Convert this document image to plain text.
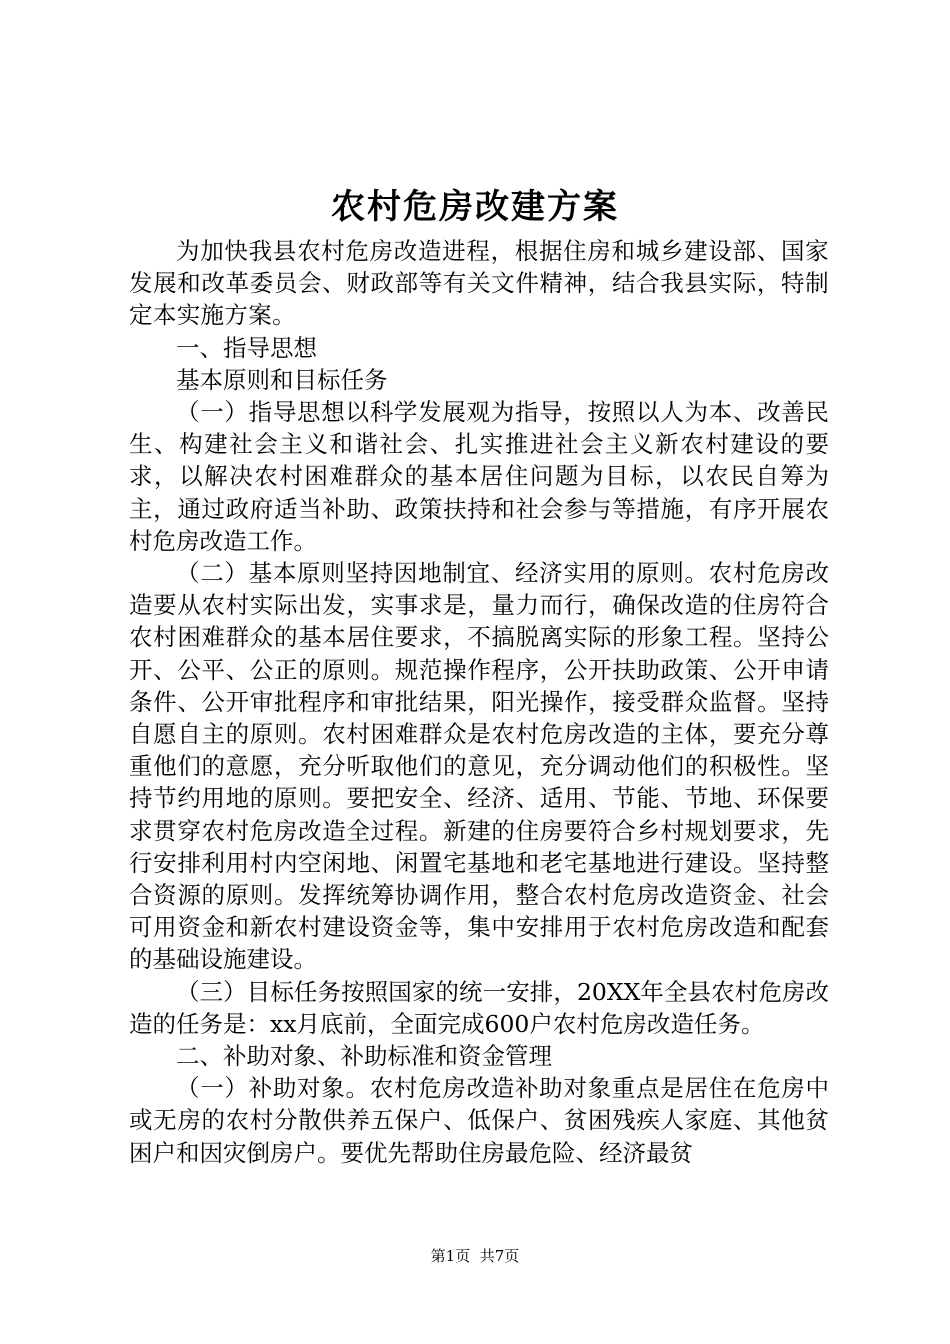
农村危房改建方案

为加快我县农村危房改造进程，根据住房和城乡建设部、国家发展和改革委员会、财政部等有关文件精神，结合我县实际，特制定本实施方案。

一、指导思想

基本原则和目标任务

（一）指导思想以科学发展观为指导，按照以人为本、改善民生、构建社会主义和谐社会、扎实推进社会主义新农村建设的要求，以解决农村困难群众的基本居住问题为目标，以农民自筹为主，通过政府适当补助、政策扶持和社会参与等措施，有序开展农村危房改造工作。

（二）基本原则坚持因地制宜、经济实用的原则。农村危房改造要从农村实际出发，实事求是，量力而行，确保改造的住房符合农村困难群众的基本居住要求，不搞脱离实际的形象工程。坚持公开、公平、公正的原则。规范操作程序，公开扶助政策、公开申请条件、公开审批程序和审批结果，阳光操作，接受群众监督。坚持自愿自主的原则。农村困难群众是农村危房改造的主体，要充分尊重他们的意愿，充分听取他们的意见，充分调动他们的积极性。坚持节约用地的原则。要把安全、经济、适用、节能、节地、环保要求贯穿农村危房改造全过程。新建的住房要符合乡村规划要求，先行安排利用村内空闲地、闲置宅基地和老宅基地进行建设。坚持整合资源的原则。发挥统筹协调作用，整合农村危房改造资金、社会可用资金和新农村建设资金等，集中安排用于农村危房改造和配套的基础设施建设。

（三）目标任务按照国家的统一安排，20XX年全县农村危房改造的任务是：xx月底前，全面完成600户农村危房改造任务。

二、补助对象、补助标准和资金管理

（一）补助对象。农村危房改造补助对象重点是居住在危房中或无房的农村分散供养五保户、低保户、贫困残疾人家庭、其他贫困户和因灾倒房户。要优先帮助住房最危险、经济最贫

第1页 共7页
